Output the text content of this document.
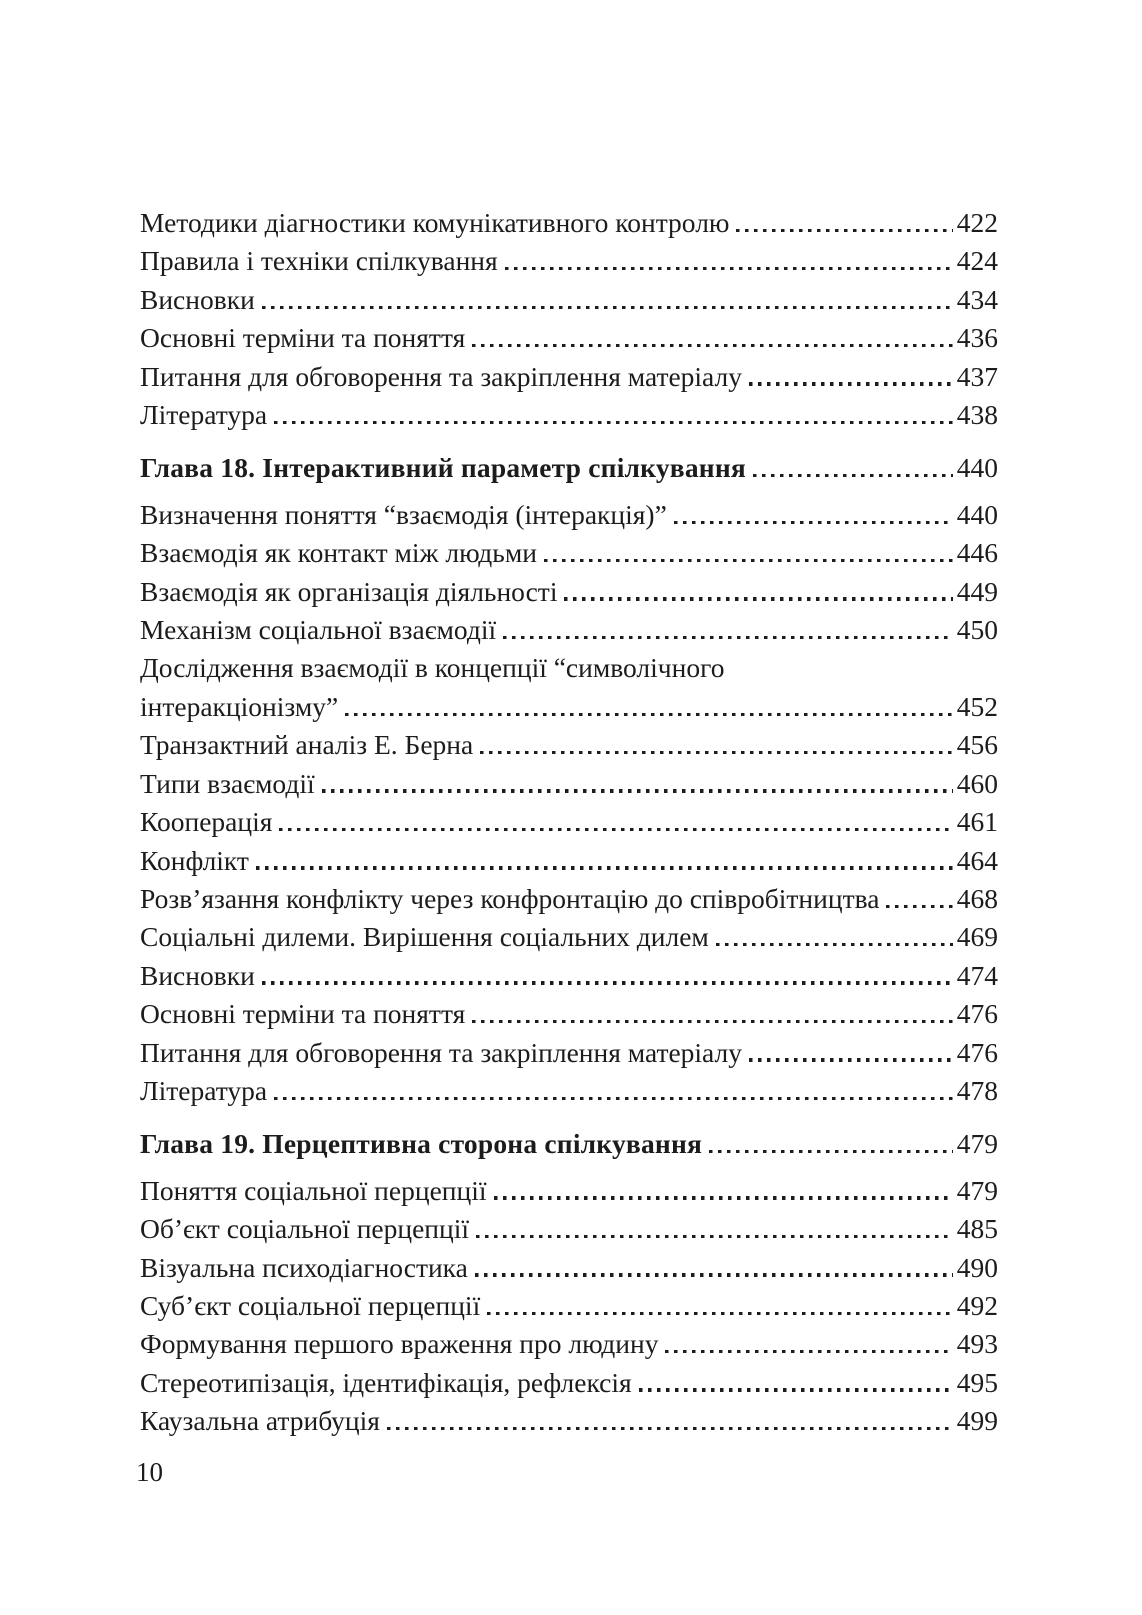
Методики діагностики комунікативного контролю	422
Правила і техніки спілкування	424
Висновки	434
Основні терміни та поняття	436
Питання для обговорення та закріплення матеріалу	437
Література	438
Глава 18. Інтерактивний параметр спілкування	440
Визначення поняття “взаємодія (інтеракція)”	440
Взаємодія як контакт між людьми	446
Взаємодія як організація діяльності	449
Механізм соціальної взаємодії	450
Дослідження взаємодії в концепції “символічного
інтеракціонізму”	452
Транзактний аналіз Е. Берна	456
Типи взаємодії	460
Кооперація	461
Конфлікт	464
Розв’язання конфлікту через конфронтацію до співробітництва	468
Соціальні дилеми. Вирішення соціальних дилем	469
Висновки	474
Основні терміни та поняття	476
Питання для обговорення та закріплення матеріалу	476
Література	478
Глава 19. Перцептивна сторона спілкування	479
Поняття соціальної перцепції	479
Об’єкт соціальної перцепції	485
Візуальна психодіагностика	490
Суб’єкт соціальної перцепції	492
Формування першого враження про людину	493
Стереотипізація, ідентифікація, рефлексія	495
Каузальна атрибуція	499
10
